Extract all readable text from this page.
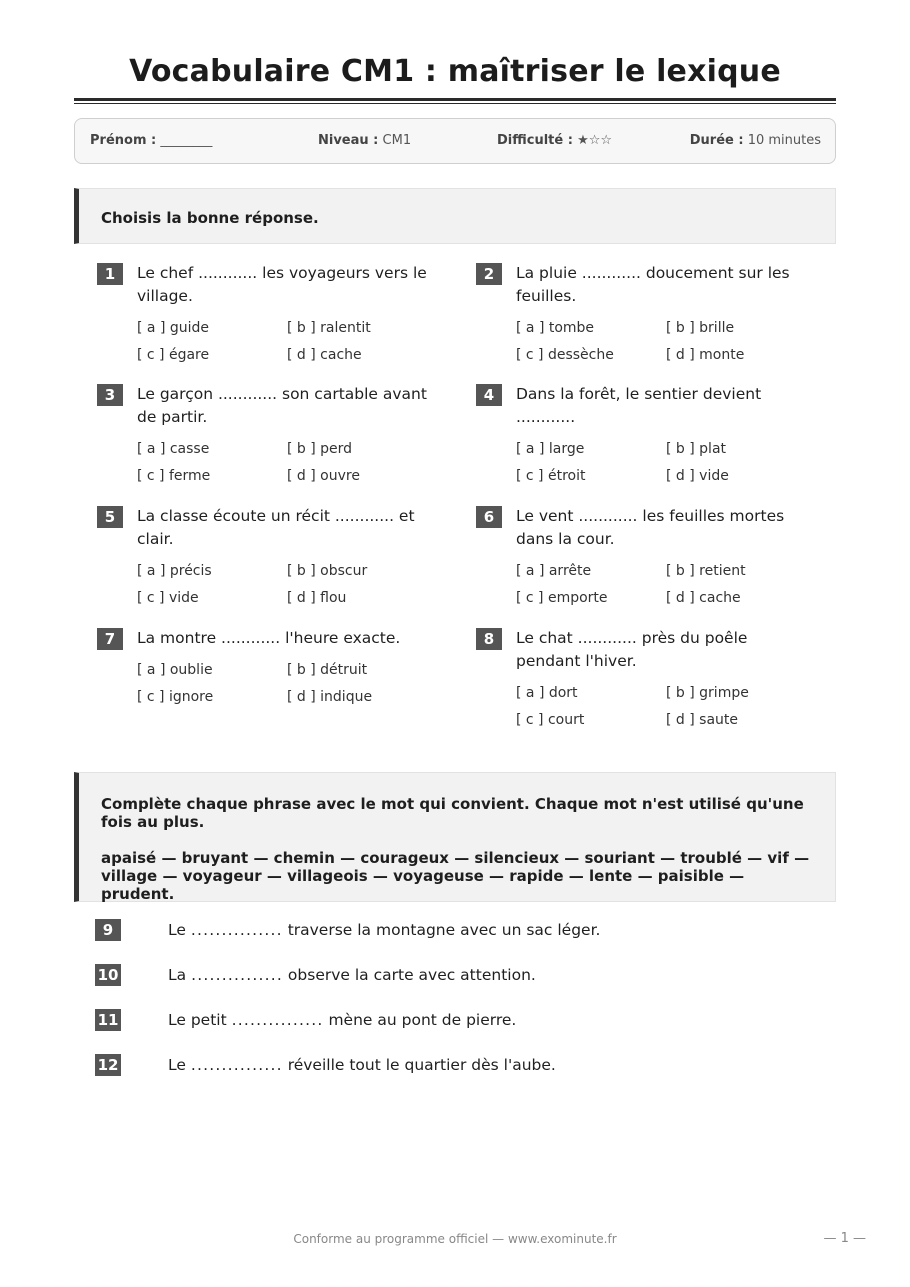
Vocabulaire CM1 : maîtriser le lexique
Prénom : ________	Niveau : CM1	Difficulté : ★☆☆	Durée : 10 minutes
Choisis la bonne réponse.
1	Le chef ............ les voyageurs vers le village.
[ a ] guide	[ b ] ralentit
[ c ] égare	[ d ] cache
2	La pluie ............ doucement sur les feuilles.
[ a ] tombe	[ b ] brille
[ c ] dessèche	[ d ] monte
3	Le garçon ............ son cartable avant de partir.
[ a ] casse	[ b ] perd
[ c ] ferme	[ d ] ouvre
4	Dans la forêt, le sentier devient ............
[ a ] large	[ b ] plat
[ c ] étroit	[ d ] vide
5	La classe écoute un récit ............ et clair.
[ a ] précis	[ b ] obscur
[ c ] vide	[ d ] flou
6	Le vent ............ les feuilles mortes dans la cour.
[ a ] arrête	[ b ] retient
[ c ] emporte	[ d ] cache
7	La montre ............ l'heure exacte.
[ a ] oublie	[ b ] détruit
[ c ] ignore	[ d ] indique
8	Le chat ............ près du poêle pendant l'hiver.
[ a ] dort	[ b ] grimpe
[ c ] court	[ d ] saute
Complète chaque phrase avec le mot qui convient. Chaque mot n'est utilisé qu'une fois au plus.
apaisé — bruyant — chemin — courageux — silencieux — souriant — troublé — vif — village — voyageur — villageois — voyageuse — rapide — lente — paisible — prudent.
9	Le ............... traverse la montagne avec un sac léger.
10	La ............... observe la carte avec attention.
11	Le petit ............... mène au pont de pierre.
12	Le ............... réveille tout le quartier dès l'aube.
Conforme au programme officiel — www.exominute.fr	— 1 —
